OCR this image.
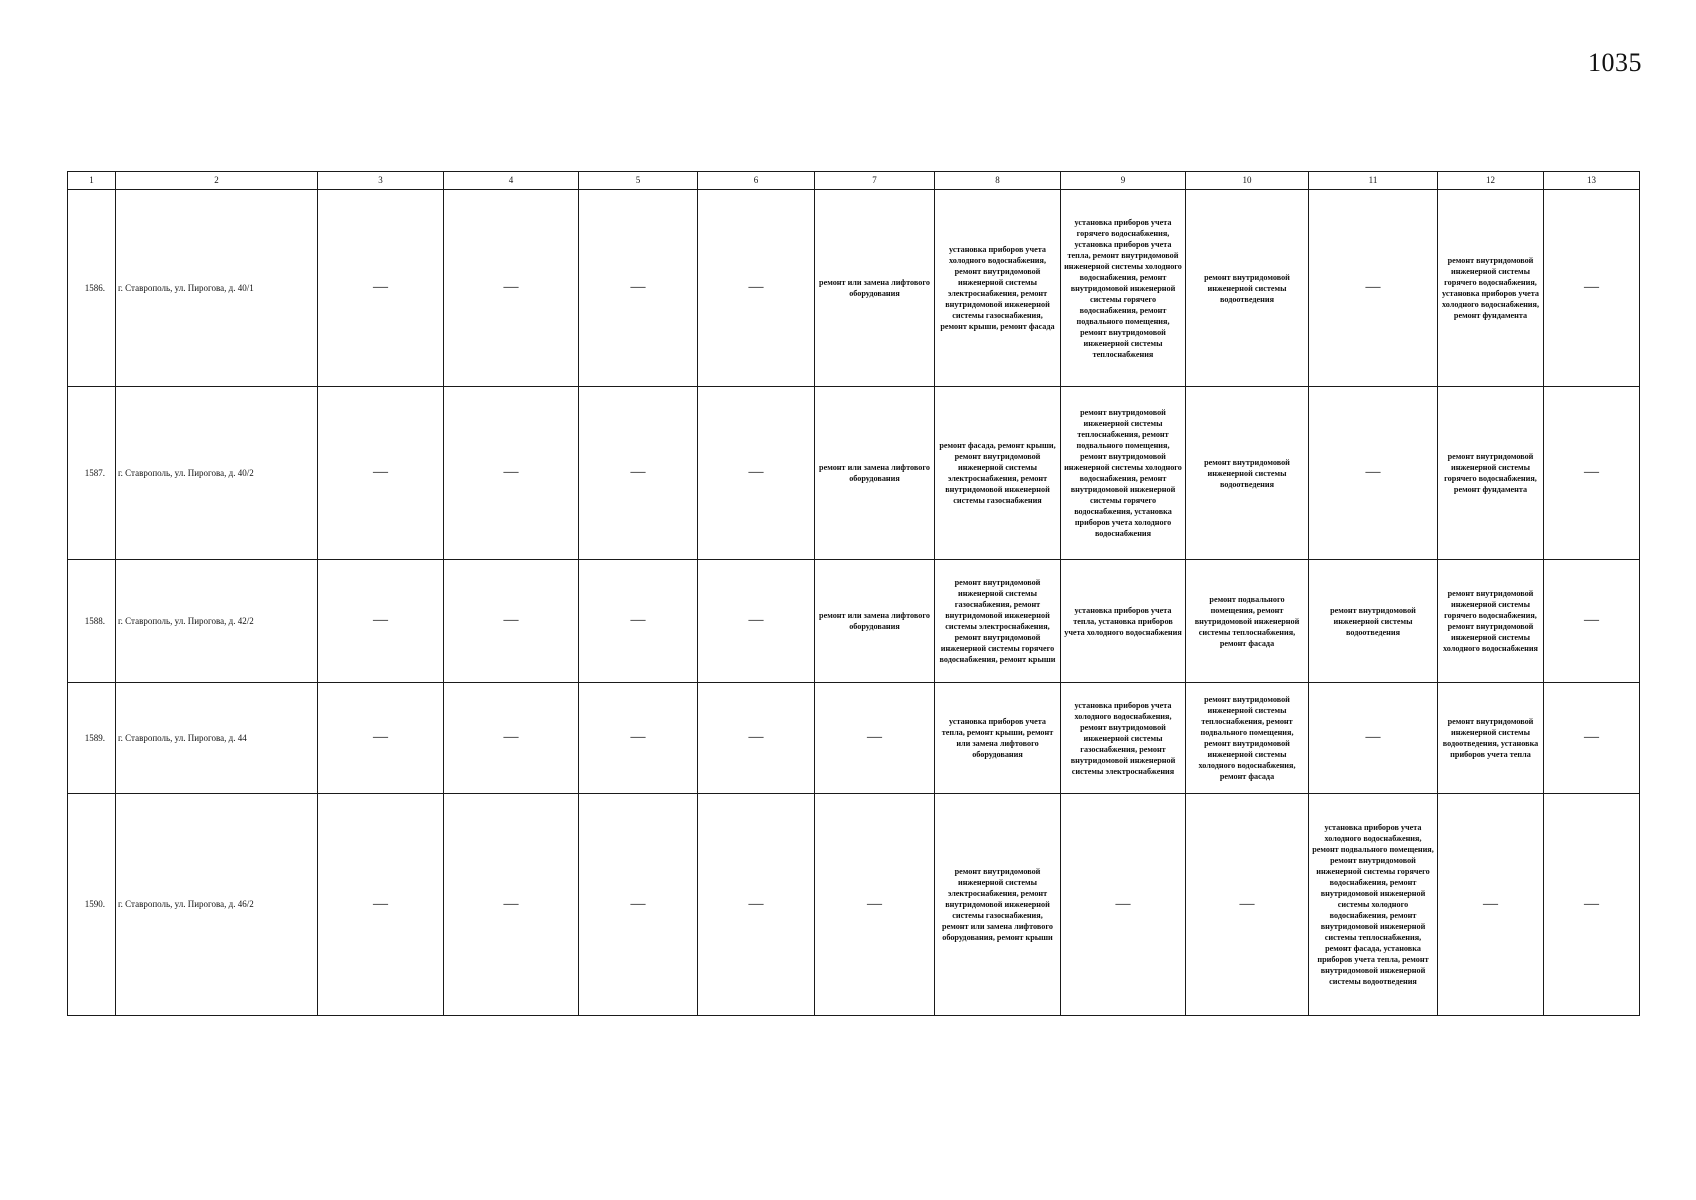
1035
1	2	3	4	5	6	7	8	9	10	11	12	13
1586.	г. Ставрополь, ул. Пирогова, д. 40/1	—	—	—	—	ремонт или замена лифтового оборудования	установка приборов учета холодного водоснабжения, ремонт внутридомовой инженерной системы электроснабжения, ремонт внутридомовой инженерной системы газоснабжения, ремонт крыши, ремонт фасада	установка приборов учета горячего водоснабжения, установка приборов учета тепла, ремонт внутридомовой инженерной системы холодного водоснабжения, ремонт внутридомовой инженерной системы горячего водоснабжения, ремонт подвального помещения, ремонт внутридомовой инженерной системы теплоснабжения	ремонт внутридомовой инженерной системы водоотведения	—	ремонт внутридомовой инженерной системы горячего водоснабжения, установка приборов учета холодного водоснабжения, ремонт фундамента	—
1587.	г. Ставрополь, ул. Пирогова, д. 40/2	—	—	—	—	ремонт или замена лифтового оборудования	ремонт фасада, ремонт крыши, ремонт внутридомовой инженерной системы электроснабжения, ремонт внутридомовой инженерной системы газоснабжения	ремонт внутридомовой инженерной системы теплоснабжения, ремонт подвального помещения, ремонт внутридомовой инженерной системы холодного водоснабжения, ремонт внутридомовой инженерной системы горячего водоснабжения, установка приборов учета холодного водоснабжения	ремонт внутридомовой инженерной системы водоотведения	—	ремонт внутридомовой инженерной системы горячего водоснабжения, ремонт фундамента	—
1588.	г. Ставрополь, ул. Пирогова, д. 42/2	—	—	—	—	ремонт или замена лифтового оборудования	ремонт внутридомовой инженерной системы газоснабжения, ремонт внутридомовой инженерной системы электроснабжения, ремонт внутридомовой инженерной системы горячего водоснабжения, ремонт крыши	установка приборов учета тепла, установка приборов учета холодного водоснабжения	ремонт подвального помещения, ремонт внутридомовой инженерной системы теплоснабжения, ремонт фасада	ремонт внутридомовой инженерной системы водоотведения	ремонт внутридомовой инженерной системы горячего водоснабжения, ремонт внутридомовой инженерной системы холодного водоснабжения	—
1589.	г. Ставрополь, ул. Пирогова, д. 44	—	—	—	—	—	установка приборов учета тепла, ремонт крыши, ремонт или замена лифтового оборудования	установка приборов учета холодного водоснабжения, ремонт внутридомовой инженерной системы газоснабжения, ремонт внутридомовой инженерной системы электроснабжения	ремонт внутридомовой инженерной системы теплоснабжения, ремонт подвального помещения, ремонт внутридомовой инженерной системы холодного водоснабжения, ремонт фасада	—	ремонт внутридомовой инженерной системы водоотведения, установка приборов учета тепла	—
1590.	г. Ставрополь, ул. Пирогова, д. 46/2	—	—	—	—	—	ремонт внутридомовой инженерной системы электроснабжения, ремонт внутридомовой инженерной системы газоснабжения, ремонт или замена лифтового оборудования, ремонт крыши	—	—	установка приборов учета холодного водоснабжения, ремонт подвального помещения, ремонт внутридомовой инженерной системы горячего водоснабжения, ремонт внутридомовой инженерной системы холодного водоснабжения, ремонт внутридомовой инженерной системы теплоснабжения, ремонт фасада, установка приборов учета тепла, ремонт внутридомовой инженерной системы водоотведения	—	—
